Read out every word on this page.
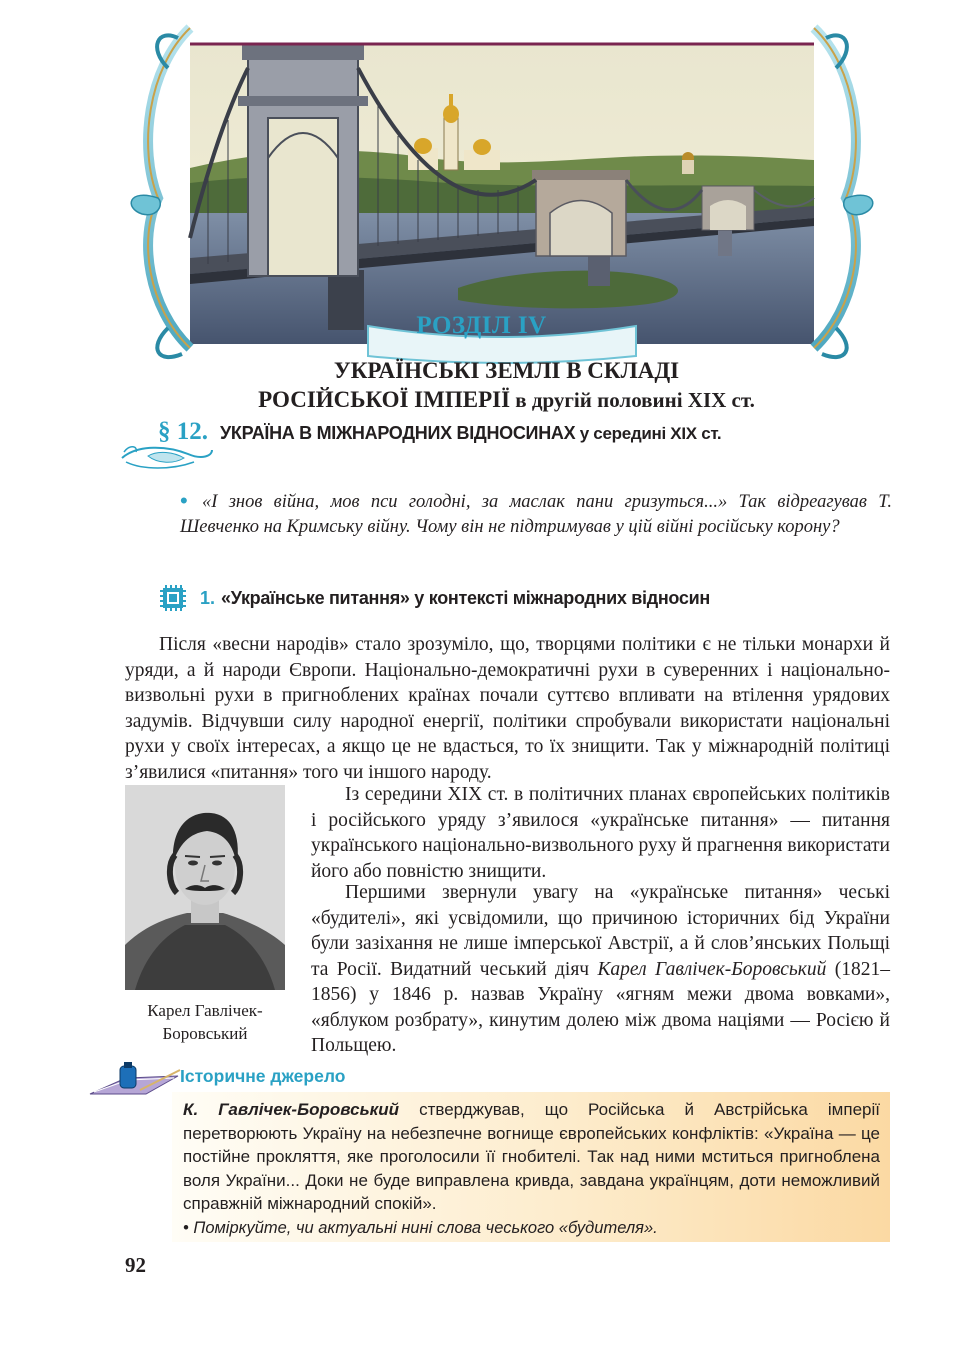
РОЗДІЛ IV
УКРАЇНСЬКІ ЗЕМЛІ В СКЛАДІ
РОСІЙСЬКОЇ ІМПЕРІЇ в другій половині XIX ст.
§ 12. УКРАЇНА В МІЖНАРОДНИХ ВІДНОСИНАХ у середині XIX ст.
• «І знов війна, мов пси голодні, за маслак пани гризуться...» Так відреагував Т. Шевченко на Кримську війну. Чому він не підтримував у цій війні російську корону?
1. «Українське питання» у контексті міжнародних відносин
Після «весни народів» стало зрозуміло, що, творцями політики є не тільки монархи й уряди, а й народи Європи. Національно-демократичні рухи в суверенних і національно-визвольні рухи в пригноблених країнах почали суттєво впливати на втілення урядових задумів. Відчувши силу народної енергії, політики спробували використати національні рухи у своїх інтересах, а якщо це не вдасться, то їх знищити. Так у міжнародній політиці з’явилися «питання» того чи іншого народу.
Карел Гавлічек-
Боровський
Із середини XIX ст. в політичних планах європейських політиків і російського уряду з’явилося «українське питання» — питання українського національно-визвольного руху й прагнення використати його або повністю знищити.
Першими звернули увагу на «українське питання» чеські «будителі», які усвідомили, що причиною історичних бід України були зазіхання не лише імперської Австрії, а й слов’янських Польщі та Росії. Видатний чеський діяч Карел Гавлічек-Боровський (1821–1856) у 1846 р. назвав Україну «ягням межи двома вовками», «яблуком розбрату», кинутим долею між двома націями — Росією й Польщею.
Історичне джерело
К. Гавлічек-Боровський стверджував, що Російська й Австрійська імперії перетворюють Україну на небезпечне вогнище європейських конфліктів: «Україна — це постійне прокляття, яке проголосили її гнобителі. Так над ними мститься пригноблена воля України... Доки не буде виправлена кривда, завдана українцям, доти неможливий справжній міжнародний спокій».
• Поміркуйте, чи актуальні нині слова чеського «будителя».
92
